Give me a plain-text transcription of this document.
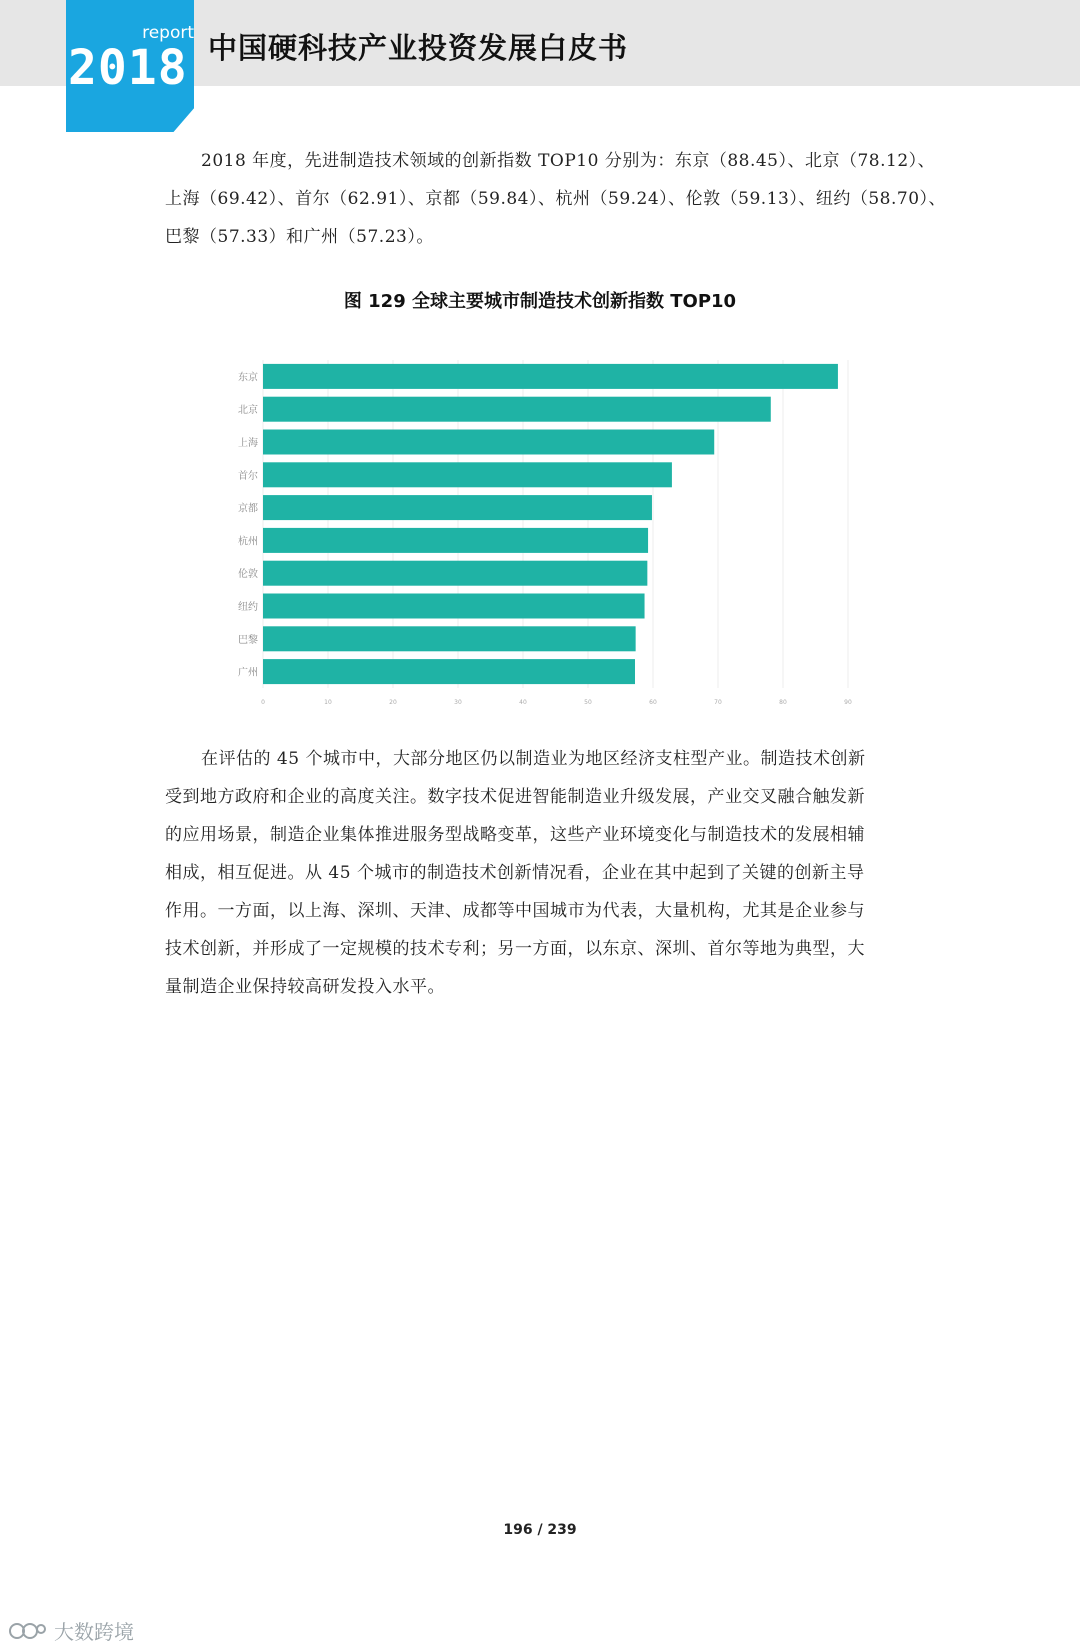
report
2018 中国硬科技产业投资发展白皮书
2018 年度，先进制造技术领域的创新指数 TOP10 分别为：东京（88.45）、北京（78.12）、
上海（69.42）、首尔（62.91）、京都（59.84）、杭州（59.24）、伦敦（59.13）、纽约（58.70）、
巴黎（57.33）和广州（57.23）。
图 129 全球主要城市制造技术创新指数 TOP10
东京
北京
上海
首尔
京都
杭州
伦敦
纽约
巴黎
广州
0	10	20	30	40	50	60	70	80	90
在评估的 45 个城市中，大部分地区仍以制造业为地区经济支柱型产业。制造技术创新
受到地方政府和企业的高度关注。数字技术促进智能制造业升级发展，产业交叉融合触发新
的应用场景，制造企业集体推进服务型战略变革，这些产业环境变化与制造技术的发展相辅
相成，相互促进。从 45 个城市的制造技术创新情况看，企业在其中起到了关键的创新主导
作用。一方面，以上海、深圳、天津、成都等中国城市为代表，大量机构，尤其是企业参与
技术创新，并形成了一定规模的技术专利；另一方面，以东京、深圳、首尔等地为典型，大
量制造企业保持较高研发投入水平。
196 / 239
大数跨境
